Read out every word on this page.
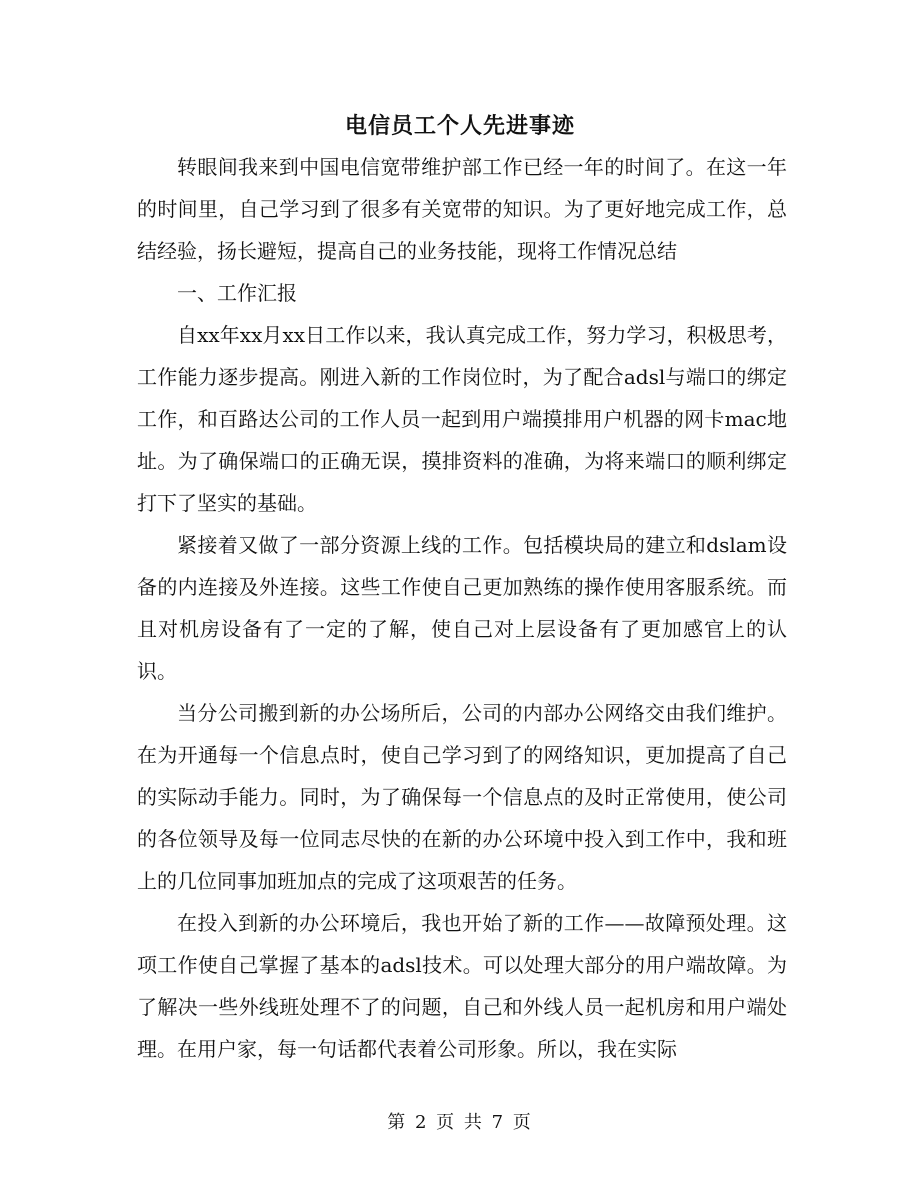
电信员工个人先进事迹

转眼间我来到中国电信宽带维护部工作已经一年的时间了。在这一年的时间里，自己学习到了很多有关宽带的知识。为了更好地完成工作，总结经验，扬长避短，提高自己的业务技能，现将工作情况总结

一、工作汇报

自xx年xx月xx日工作以来，我认真完成工作，努力学习，积极思考，工作能力逐步提高。刚进入新的工作岗位时，为了配合adsl与端口的绑定工作，和百路达公司的工作人员一起到用户端摸排用户机器的网卡mac地址。为了确保端口的正确无误，摸排资料的准确，为将来端口的顺利绑定打下了坚实的基础。

紧接着又做了一部分资源上线的工作。包括模块局的建立和dslam设备的内连接及外连接。这些工作使自己更加熟练的操作使用客服系统。而且对机房设备有了一定的了解，使自己对上层设备有了更加感官上的认识。

当分公司搬到新的办公场所后，公司的内部办公网络交由我们维护。在为开通每一个信息点时，使自己学习到了的网络知识，更加提高了自己的实际动手能力。同时，为了确保每一个信息点的及时正常使用，使公司的各位领导及每一位同志尽快的在新的办公环境中投入到工作中，我和班上的几位同事加班加点的完成了这项艰苦的任务。

在投入到新的办公环境后，我也开始了新的工作——故障预处理。这项工作使自己掌握了基本的adsl技术。可以处理大部分的用户端故障。为了解决一些外线班处理不了的问题，自己和外线人员一起机房和用户端处理。在用户家，每一句话都代表着公司形象。所以，我在实际

第 2 页 共 7 页
